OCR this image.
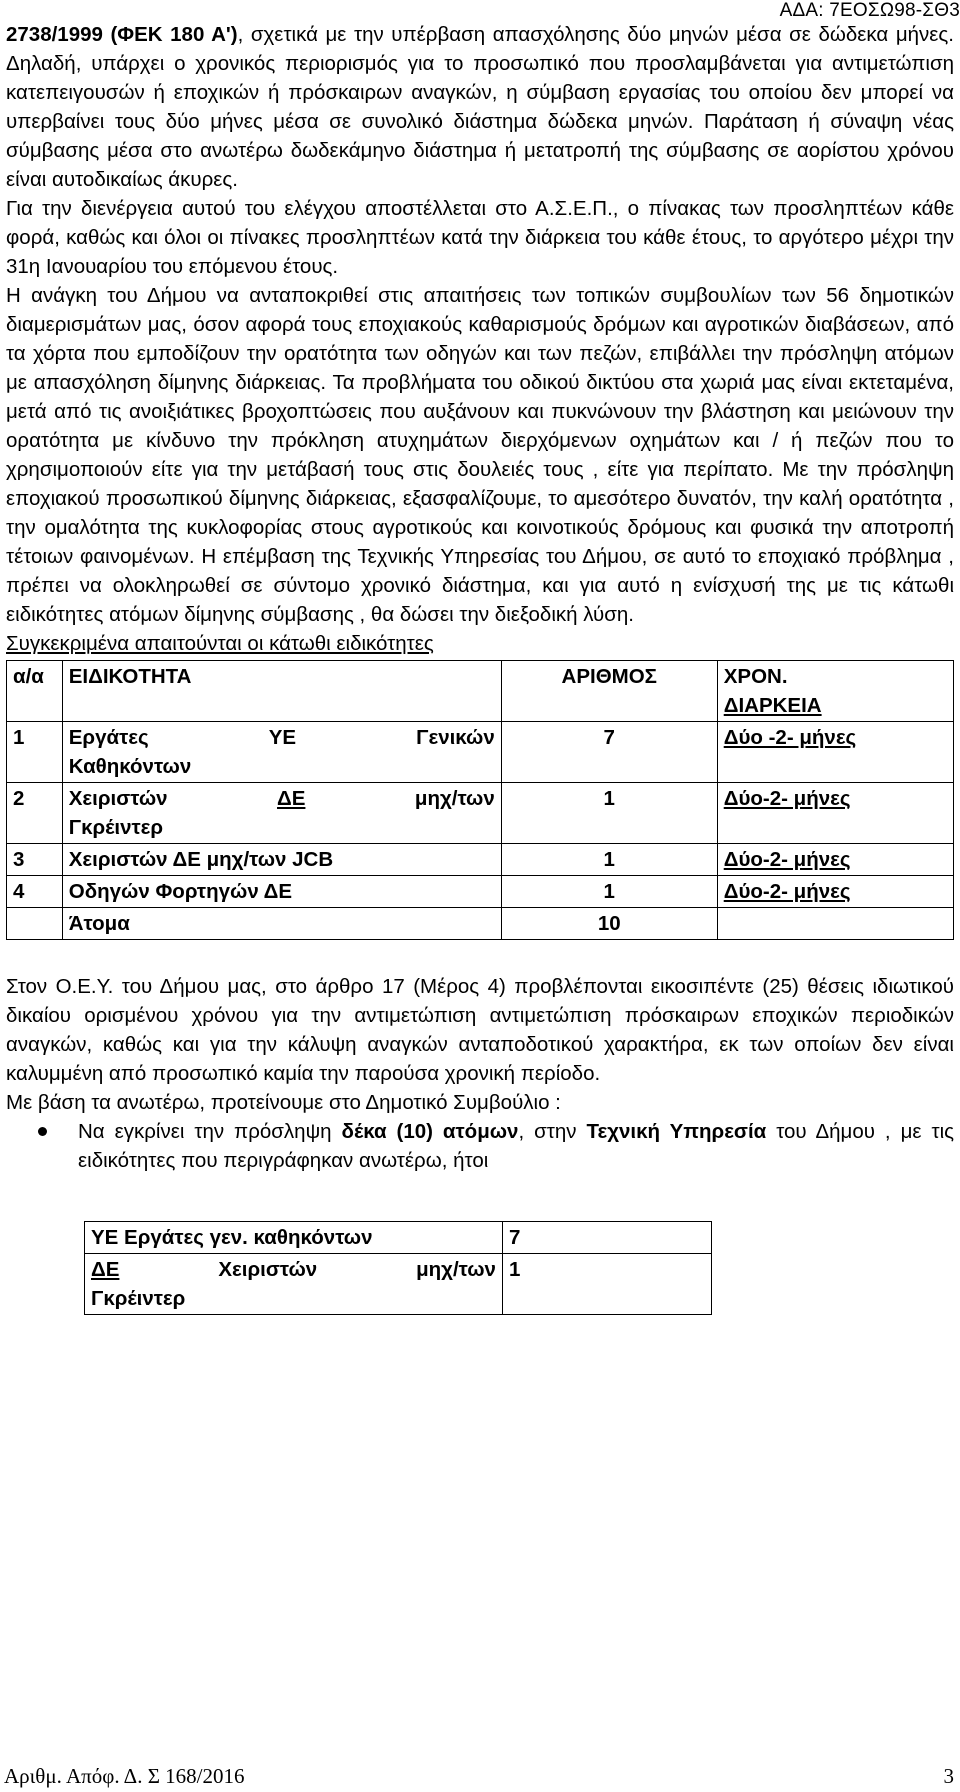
ΑΔΑ: 7ΕΟΣΩ98-ΣΘ3

2738/1999 (ΦΕΚ 180 Α'), σχετικά με την υπέρβαση απασχόλησης δύο μηνών μέσα σε δώδεκα μήνες. Δηλαδή, υπάρχει ο χρονικός περιορισμός για το προσωπικό που προσλαμβάνεται για αντιμετώπιση κατεπειγουσών ή εποχικών ή πρόσκαιρων αναγκών, η σύμβαση εργασίας του οποίου δεν μπορεί να υπερβαίνει τους δύο μήνες μέσα σε συνολικό διάστημα δώδεκα μηνών. Παράταση ή σύναψη νέας σύμβασης μέσα στο ανωτέρω δωδεκάμηνο διάστημα ή μετατροπή της σύμβασης σε αορίστου χρόνου είναι αυτοδικαίως άκυρες.

Για την διενέργεια αυτού του ελέγχου αποστέλλεται στο Α.Σ.Ε.Π., ο πίνακας των προσληπτέων κάθε φορά, καθώς και όλοι οι πίνακες προσληπτέων κατά την διάρκεια του κάθε έτους, το αργότερο μέχρι την 31η Ιανουαρίου του επόμενου έτους.

Η ανάγκη του Δήμου να ανταποκριθεί στις απαιτήσεις των τοπικών συμβουλίων των 56 δημοτικών διαμερισμάτων μας, όσον αφορά τους εποχιακούς καθαρισμούς δρόμων και αγροτικών διαβάσεων, από τα χόρτα που εμποδίζουν την ορατότητα των οδηγών και των πεζών, επιβάλλει την πρόσληψη ατόμων με απασχόληση δίμηνης διάρκειας. Τα προβλήματα του οδικού δικτύου στα χωριά μας είναι εκτεταμένα, μετά από τις ανοιξιάτικες βροχοπτώσεις που αυξάνουν και πυκνώνουν την βλάστηση και μειώνουν την ορατότητα με κίνδυνο την πρόκληση ατυχημάτων διερχόμενων οχημάτων και / ή πεζών που το χρησιμοποιούν είτε για την μετάβασή τους στις δουλειές τους , είτε για περίπατο. Με την πρόσληψη εποχιακού προσωπικού δίμηνης διάρκειας, εξασφαλίζουμε, το αμεσότερο δυνατόν, την καλή ορατότητα , την ομαλότητα της κυκλοφορίας στους αγροτικούς και κοινοτικούς δρόμους και φυσικά την αποτροπή τέτοιων φαινομένων. Η επέμβαση της Τεχνικής Υπηρεσίας του Δήμου, σε αυτό το εποχιακό πρόβλημα , πρέπει να ολοκληρωθεί σε σύντομο χρονικό διάστημα, και για αυτό η ενίσχυσή της με τις κάτωθι ειδικότητες ατόμων δίμηνης σύμβασης , θα δώσει την διεξοδική λύση.

Συγκεκριμένα απαιτούνται οι κάτωθι ειδικότητες

α/α	ΕΙΔΙΚΟΤΗΤΑ	ΑΡΙΘΜΟΣ	ΧΡΟΝ.
ΔΙΑΡΚΕΙΑ

1	Εργάτες ΥΕ Γενικών
Καθηκόντων	7	Δύο -2- μήνες
2	Χειριστών ΔΕ μηχ/των
Γκρέιντερ	1	Δύο-2- μήνες
3	Χειριστών ΔΕ μηχ/των JCB	1	Δύο-2- μήνες
4	Οδηγών Φορτηγών ΔΕ	1	Δύο-2- μήνες
	Άτομα	10	

Στον Ο.Ε.Υ. του Δήμου μας, στο άρθρο 17 (Μέρος 4) προβλέπονται εικοσιπέντε (25) θέσεις ιδιωτικού δικαίου ορισμένου χρόνου για την αντιμετώπιση αντιμετώπιση πρόσκαιρων εποχικών περιοδικών αναγκών, καθώς και για την κάλυψη αναγκών ανταποδοτικού χαρακτήρα, εκ των οποίων δεν είναι καλυμμένη από προσωπικό καμία την παρούσα χρονική περίοδο.

Με βάση τα ανωτέρω, προτείνουμε στο Δημοτικό Συμβούλιο :

Να εγκρίνει την πρόσληψη δέκα (10) ατόμων, στην Τεχνική Υπηρεσία του Δήμου , με τις ειδικότητες που περιγράφηκαν ανωτέρω, ήτοι
ΥΕ Εργάτες γεν. καθηκόντων	7

ΔΕ Χειριστών μηχ/των
Γκρέιντερ	1
Αριθμ. Απόφ. Δ. Σ 168/2016	3
